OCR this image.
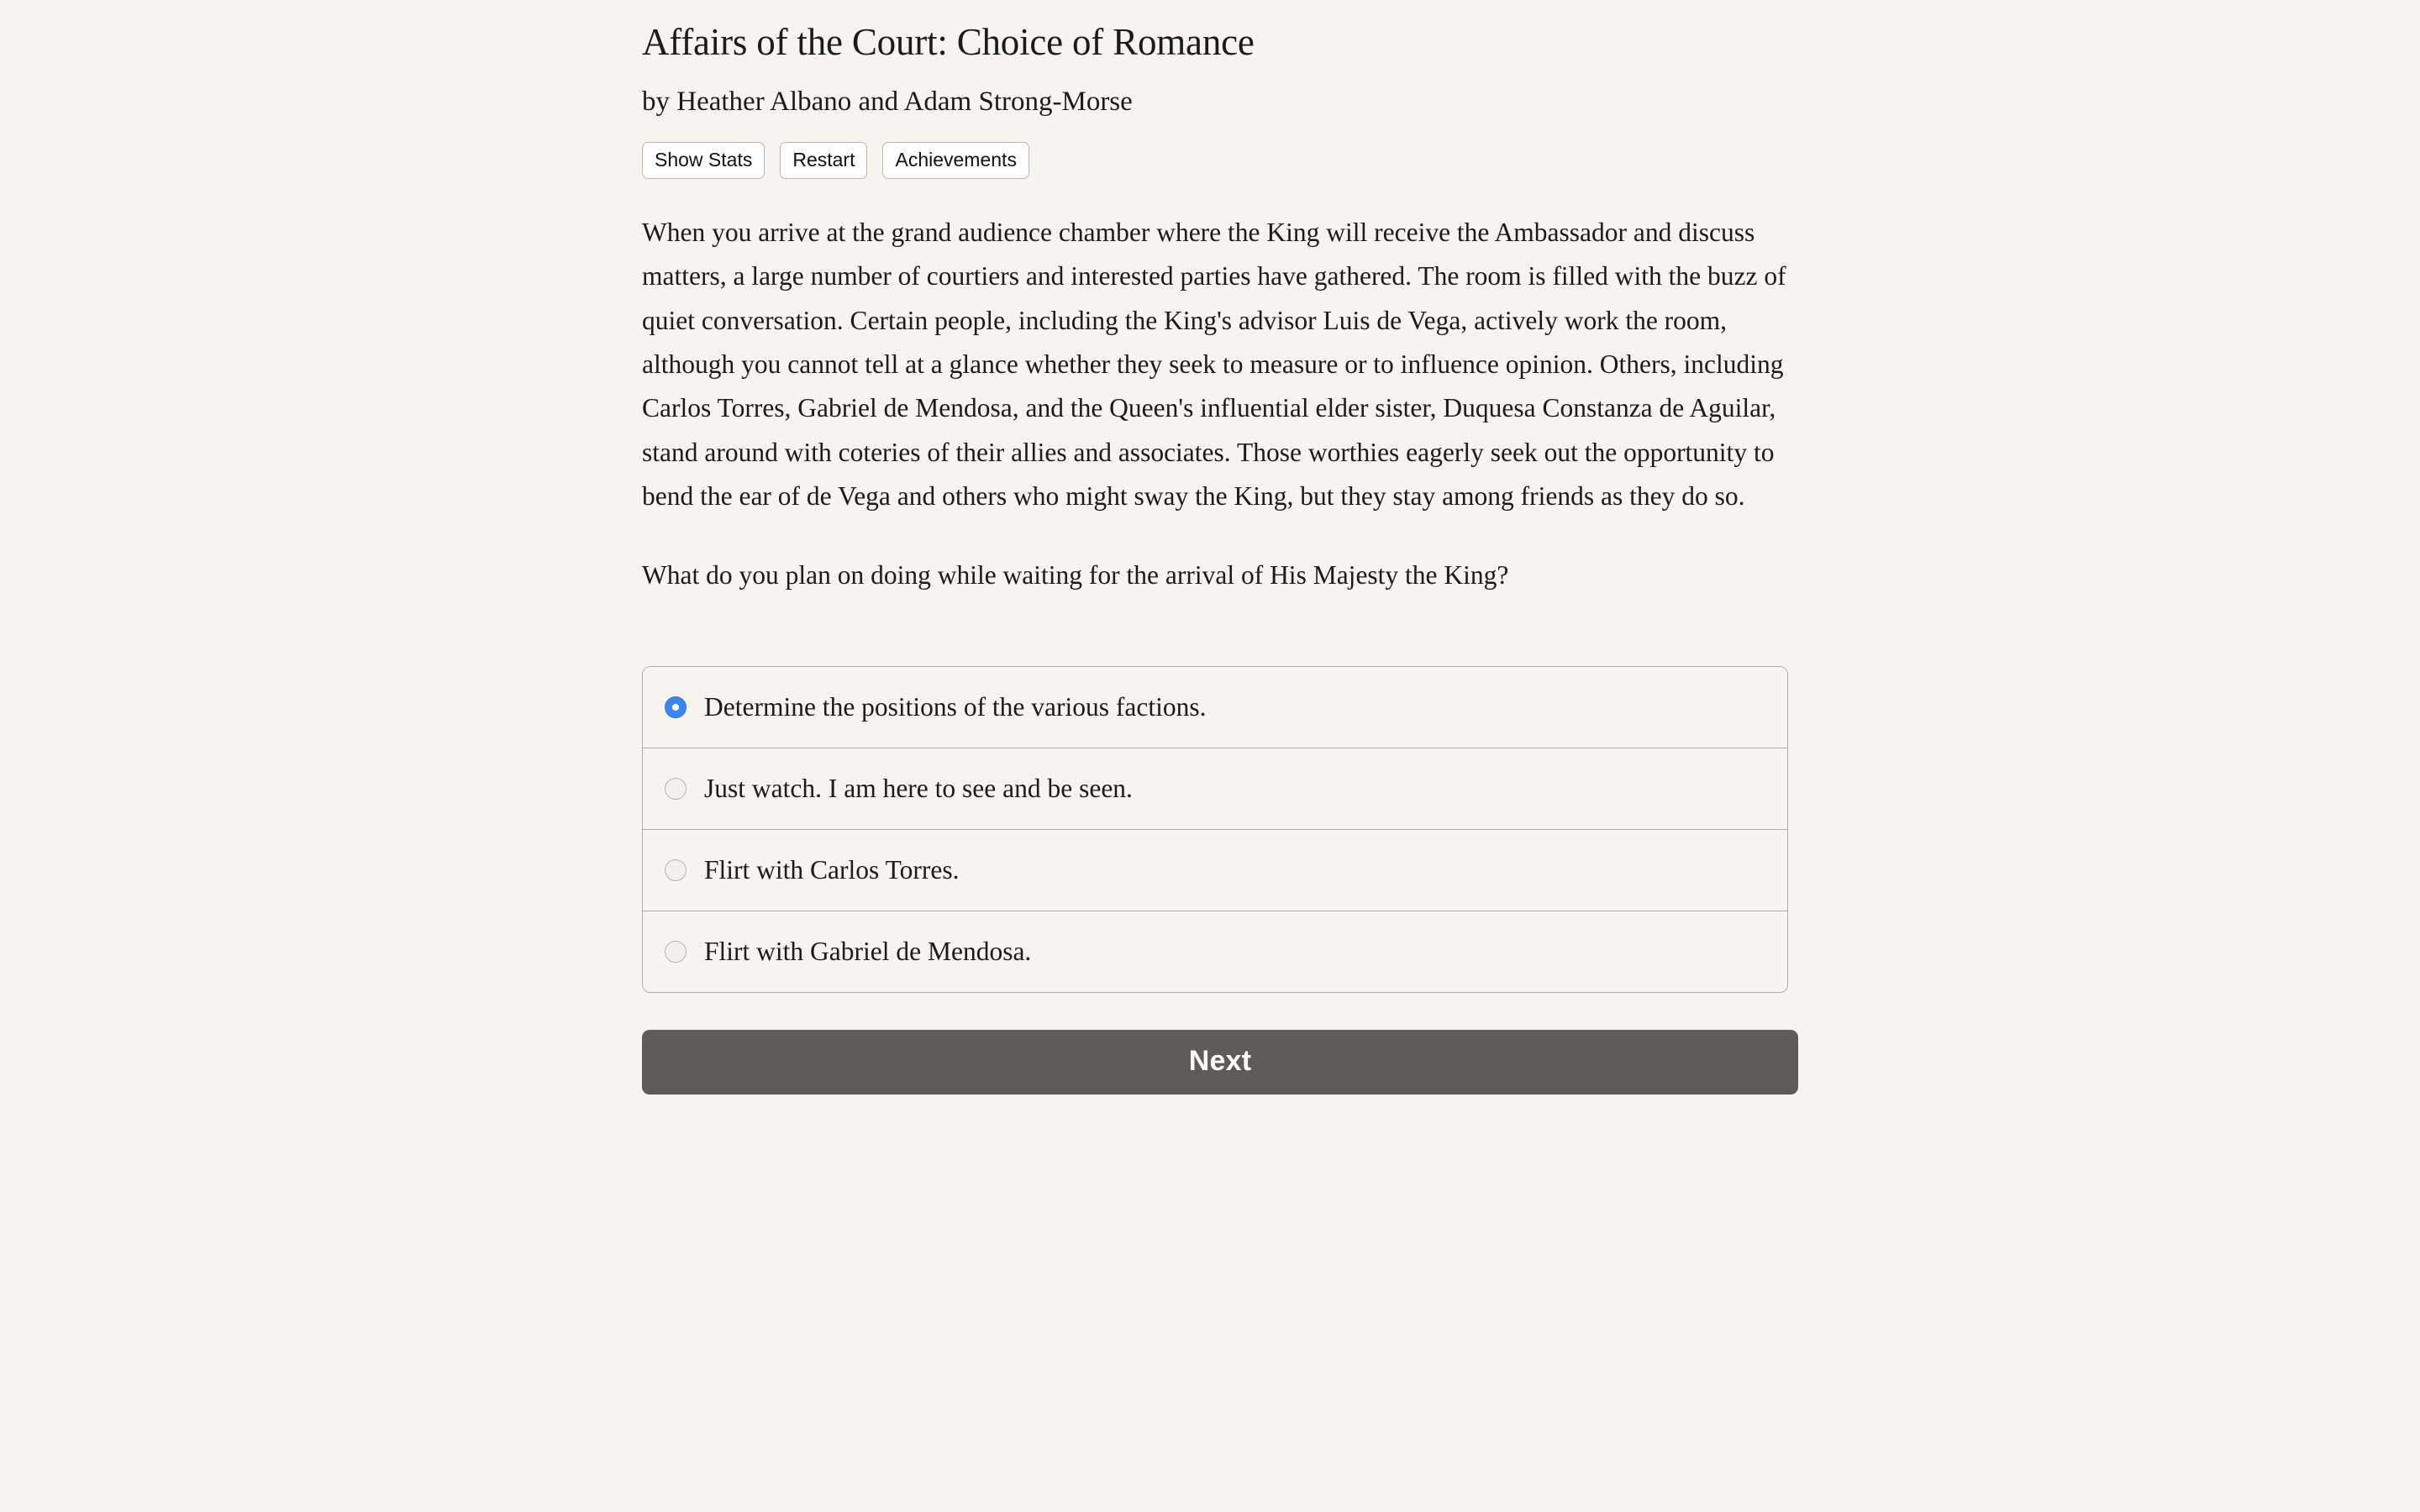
Affairs of the Court: Choice of Romance

by Heather Albano and Adam Strong-Morse

Show Stats	Restart	Achievements

When you arrive at the grand audience chamber where the King will receive the Ambassador and discuss matters, a large number of courtiers and interested parties have gathered. The room is filled with the buzz of quiet conversation. Certain people, including the King's advisor Luis de Vega, actively work the room, although you cannot tell at a glance whether they seek to measure or to influence opinion. Others, including Carlos Torres, Gabriel de Mendosa, and the Queen's influential elder sister, Duquesa Constanza de Aguilar, stand around with coteries of their allies and associates. Those worthies eagerly seek out the opportunity to bend the ear of de Vega and others who might sway the King, but they stay among friends as they do so.

What do you plan on doing while waiting for the arrival of His Majesty the King?

Determine the positions of the various factions.
Just watch. I am here to see and be seen.
Flirt with Carlos Torres.
Flirt with Gabriel de Mendosa.
Next
